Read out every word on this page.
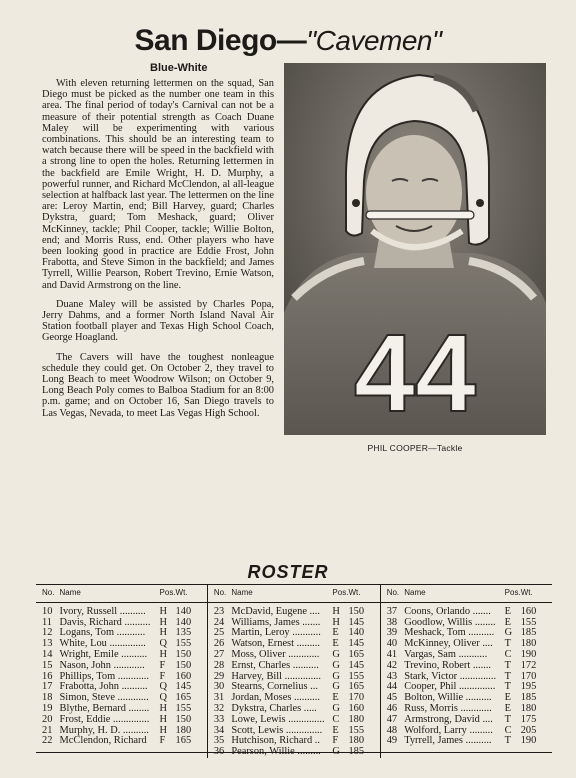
San Diego—"Cavemen"
Blue-White

With eleven returning lettermen on the squad, San Diego must be picked as the number one team in this area. The final period of today's Carnival can not be a measure of their potential strength as Coach Duane Maley will be experimenting with various combinations. This should be an interesting team to watch because there will be speed in the backfield with a strong line to open the holes. Returning lettermen in the backfield are Emile Wright, H. D. Murphy, a powerful runner, and Richard McClendon, al all-league selection at halfback last year. The lettermen on the line are: Leroy Martin, end; Bill Harvey, guard; Charles Dykstra, guard; Tom Meshack, guard; Oliver McKinney, tackle; Phil Cooper, tackle; Willie Bolton, end; and Morris Russ, end. Other players who have been looking good in practice are Eddie Frost, John Frabotta, and Steve Simon in the backfield; and James Tyrrell, Willie Pearson, Robert Trevino, Ernie Watson, and David Armstrong on the line.

Duane Maley will be assisted by Charles Popa, Jerry Dahms, and a former North Island Naval Air Station football player and Texas High School Coach, George Hoagland.

The Cavers will have the toughest nonleague schedule they could get. On October 2, they travel to Long Beach to meet Woodrow Wilson; on October 9, Long Beach Poly comes to Balboa Stadium for an 8:00 p.m. game; and on October 16, San Diego travels to Las Vegas, Nevada, to meet Las Vegas High School. 44
PHIL COOPER—Tackle
ROSTER
No.	Name	Pos.	Wt.	No.	Name	Pos.	Wt.	No.	Name	Pos.	Wt.
10	Ivory, Russell ..........	H	140	23	McDavid, Eugene ....	H	150	37	Coons, Orlando .......	E	160
11	Davis, Richard ..........	H	140	24	Williams, James .......	H	145	38	Goodlow, Willis ........	E	155
12	Logans, Tom ...........	H	135	25	Martin, Leroy ...........	E	140	39	Meshack, Tom ..........	G	185
13	White, Lou ..............	Q	155	26	Watson, Ernest .........	E	145	40	McKinney, Oliver ....	T	180
14	Wright, Emile ..........	H	150	27	Moss, Oliver ............	G	165	41	Vargas, Sam ...........	C	190
15	Nason, John ............	F	150	28	Ernst, Charles ..........	G	145	42	Trevino, Robert .......	T	172
16	Phillips, Tom ............	F	160	29	Harvey, Bill ..............	G	155	43	Stark, Victor ..............	T	170
17	Frabotta, John ..........	Q	145	30	Stearns, Cornelius ...	G	165	44	Cooper, Phil ..............	T	195
18	Simon, Steve ............	Q	165	31	Jordan, Moses ..........	E	170	45	Bolton, Willie ..........	E	185
19	Blythe, Bernard ........	H	155	32	Dykstra, Charles .....	G	160	46	Russ, Morris ............	E	180
20	Frost, Eddie ..............	H	150	33	Lowe, Lewis ..............	C	180	47	Armstrong, David ....	T	175
21	Murphy, H. D. ..........	H	180	34	Scott, Lewis ..............	E	155	48	Wolford, Larry .........	C	205
22	McClendon, Richard	F	165	35	Hutchison, Richard ..	F	180	49	Tyrrell, James ..........	T	190
				36	Pearson, Willie .........	G	185				
